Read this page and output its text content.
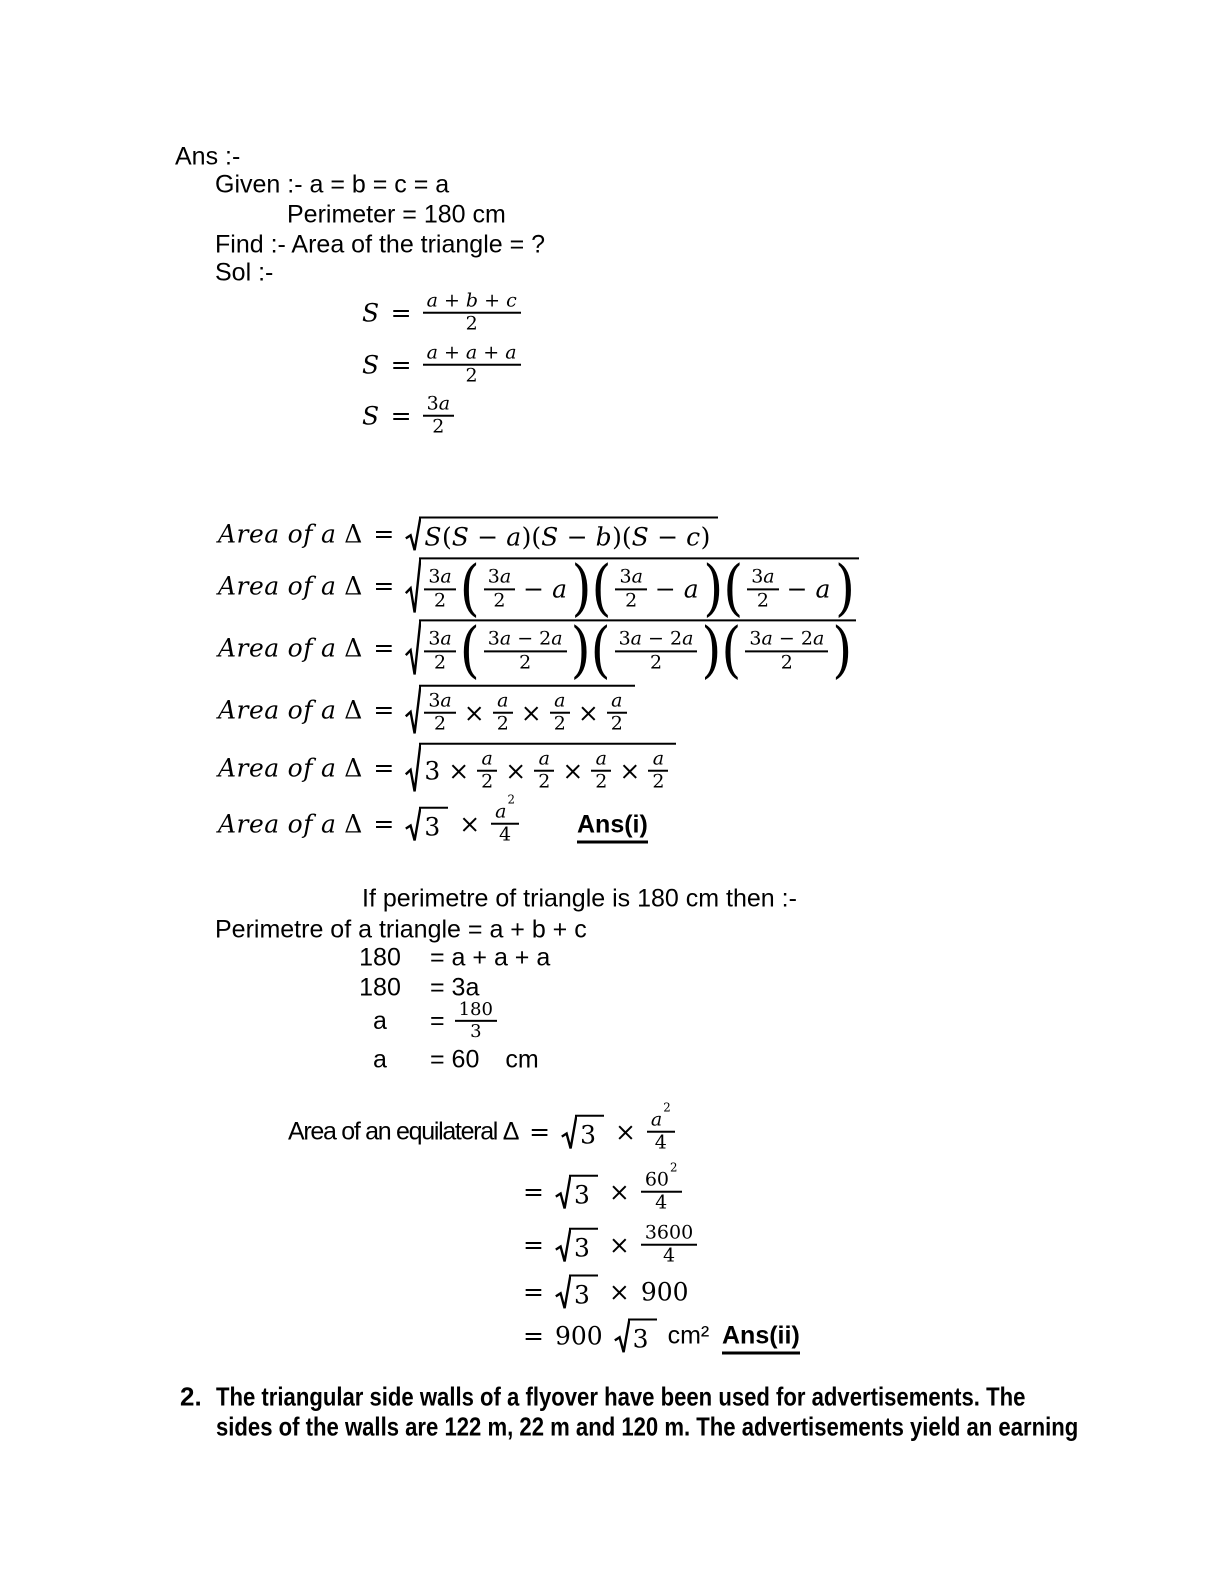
Ans :-
Given :- a = b = c = a
Perimeter = 180 cm
Find :- Area of the triangle = ?
Sol :-
$S = \frac{a + b + c}{2}$
$S = \frac{a + a + a}{2}$
$S = \frac{3a}{2}$
Area of a Δ = S(S − a)(S − b)(S − c)
Area of a $\Delta = \frac{3a}{2}$ ( $\frac{3a}{2} - a$ ) ( $\frac{3a}{2} - a$ ) ( $\frac{3a}{2} - a$ )
Area of a $\Delta = \frac{3a}{2}$ ( $\frac{3a - 2a}{2}$ ) ( $\frac{3a - 2a}{2}$ ) ( $\frac{3a - 2a}{2}$ )
Area of a $\Delta = \frac{3a}{2} \times \frac{a}{2} \times \frac{a}{2} \times \frac{a}{2}$
Area of a $\Delta = 3 \times \frac{a}{2} \times \frac{a}{2} \times \frac{a}{2} \times \frac{a}{2}$
Area of a $\Delta = 3 \times \frac{a^2}{4} Ans(i)$
If perimetre of triangle is 180 cm then :-
Perimetre of a triangle = a + b + c
180 = a + a + a
180 = 3a
a	= $\frac{180}{3}$
a	= 60 cm
Area of an equilateral $\Delta = 3 \times \frac{a^2}{4}$
= $3 \times \frac{60^2}{4}$
= $3 \times \frac{3600}{4}$
= 3 × 900
= 900 3 cm² Ans(ii)
2. The triangular side walls of a flyover have been used for advertisements. The
sides of the walls are 122 m, 22 m and 120 m. The advertisements yield an earning
